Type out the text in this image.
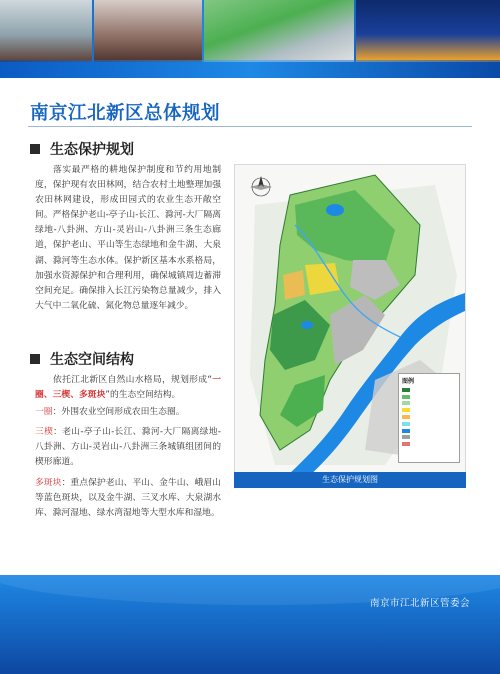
南京江北新区总体规划
生态保护规划

落实最严格的耕地保护制度和节约用地制度，保护现有农田林网，结合农村土地整理加强农田林网建设，形成田园式的农业生态开敞空间。严格保护老山-亭子山-长江、滁河-大厂隔离绿地-八卦洲、方山-灵岩山-八卦洲三条生态廊道，保护老山、平山等生态绿地和金牛湖、大泉湖、滁河等生态水体。保护新区基本水系格局，加强水资源保护和合理利用，确保城镇周边蓄滞空间充足。确保排入长江污染物总量减少，排入大气中二氧化硫、氮化物总量逐年减少。

生态空间结构

依托江北新区自然山水格局，规划形成“一圈、三楔、多斑块”的生态空间结构。

一圈：外围农业空间形成农田生态圈。

三楔：老山-亭子山-长江、滁河-大厂隔离绿地-八卦洲、方山-灵岩山-八卦洲三条城镇组团间的楔形廊道。

多斑块：重点保护老山、平山、金牛山、峨眉山等蓝色斑块，以及金牛湖、三叉水库、大泉湖水库、滁河湿地、绿水湾湿地等大型水库和湿地。

图例
生态保护规划图
南京市江北新区管委会
